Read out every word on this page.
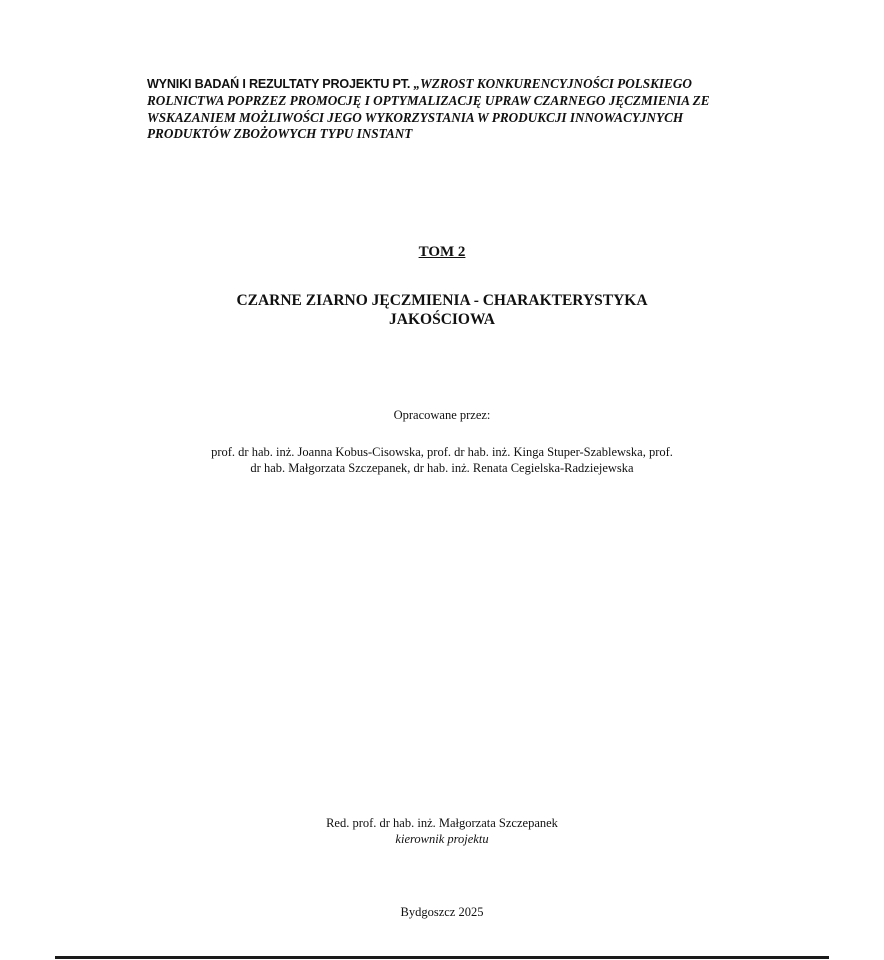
WYNIKI BADAŃ I REZULTATY PROJEKTU PT. „WZROST KONKURENCYJNOŚCI POLSKIEGO ROLNICTWA POPRZEZ PROMOCJĘ I OPTYMALIZACJĘ UPRAW CZARNEGO JĘCZMIENIA ZE WSKAZANIEM MOŻLIWOŚCI JEGO WYKORZYSTANIA W PRODUKCJI INNOWACYJNYCH PRODUKTÓW ZBOŻOWYCH TYPU INSTANT
TOM 2
CZARNE ZIARNO JĘCZMIENIA - CHARAKTERYSTYKA
JAKOŚCIOWA
Opracowane przez:
prof. dr hab. inż. Joanna Kobus-Cisowska, prof. dr hab. inż. Kinga Stuper-Szablewska, prof.
dr hab. Małgorzata Szczepanek, dr hab. inż. Renata Cegielska-Radziejewska
Red. prof. dr hab. inż. Małgorzata Szczepanek
kierownik projektu
Bydgoszcz 2025
